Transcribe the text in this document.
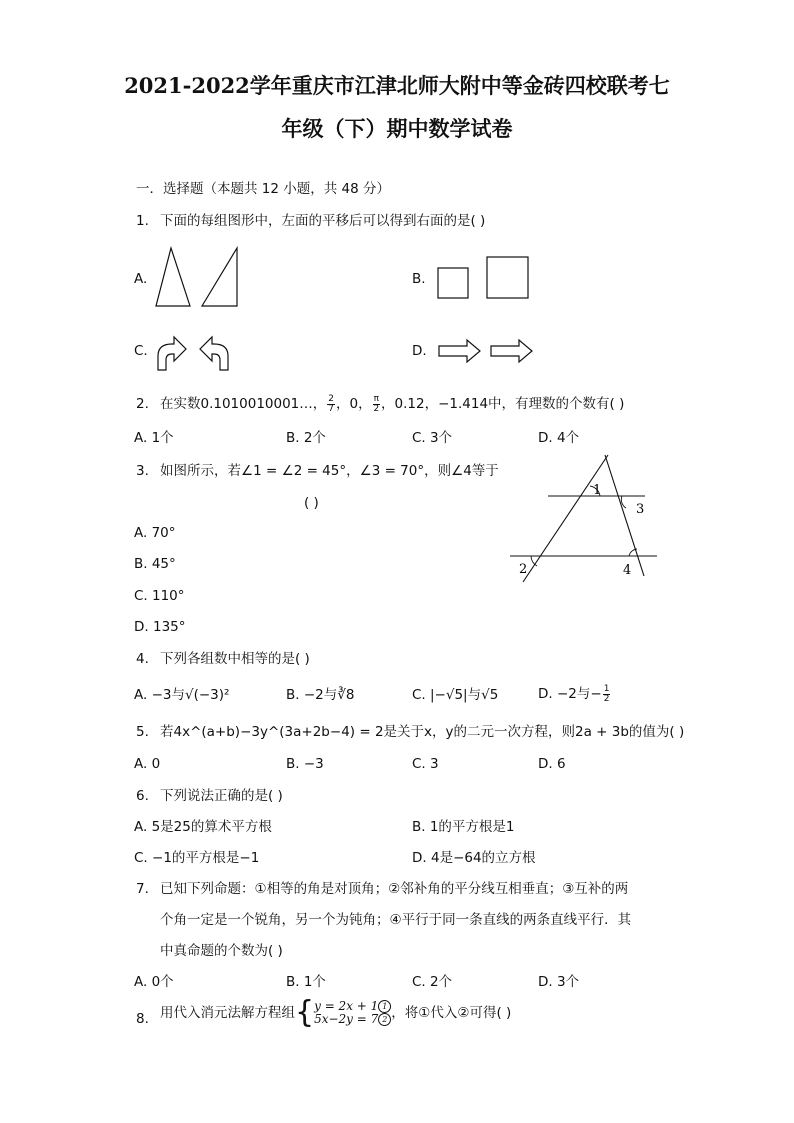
2021-2022学年重庆市江津北师大附中等金砖四校联考七
年级（下）期中数学试卷
一．选择题（本题共 12 小题，共 48 分）
1. 下面的每组图形中，左面的平移后可以得到右面的是( )
A.	B.
C.	D.
2. 在实数0.1010010001…， $\frac{2}{7}$ ，0， $\frac{\pi}{2}$ ，0.12，−1.414中，有理数的个数有( )
A. 1个	B. 2个	C. 3个	D. 4个
3. 如图所示，若∠1 = ∠2 = 45°，∠3 = 70°，则∠4等于
( )
A. 70°
B. 45°
C. 110°
D. 135°
1
3
2	4
4. 下列各组数中相等的是( )
A. −3与√(−3)²	B. −2与∛8	C. |−√5|与√5	D. −2与− $\frac{1}{2}$
5. 若4x^(a+b)−3y^(3a+2b−4) = 2是关于x，y的二元一次方程，则2a + 3b的值为( )
A. 0	B. −3	C. 3	D. 6
6. 下列说法正确的是( )
A. 5是25的算术平方根	B. 1的平方根是1
C. −1的平方根是−1	D. 4是−64的立方根
7. 已知下列命题：①相等的角是对顶角；②邻补角的平分线互相垂直；③互补的两
个角一定是一个锐角，另一个为钝角；④平行于同一条直线的两条直线平行．其
中真命题的个数为( )
A. 0个	B. 1个	C. 2个	D. 3个
8. 用代入消元法解方程组{y = 2x + 1 1
5x−2y = 7 2 ，将①代入②可得( )
